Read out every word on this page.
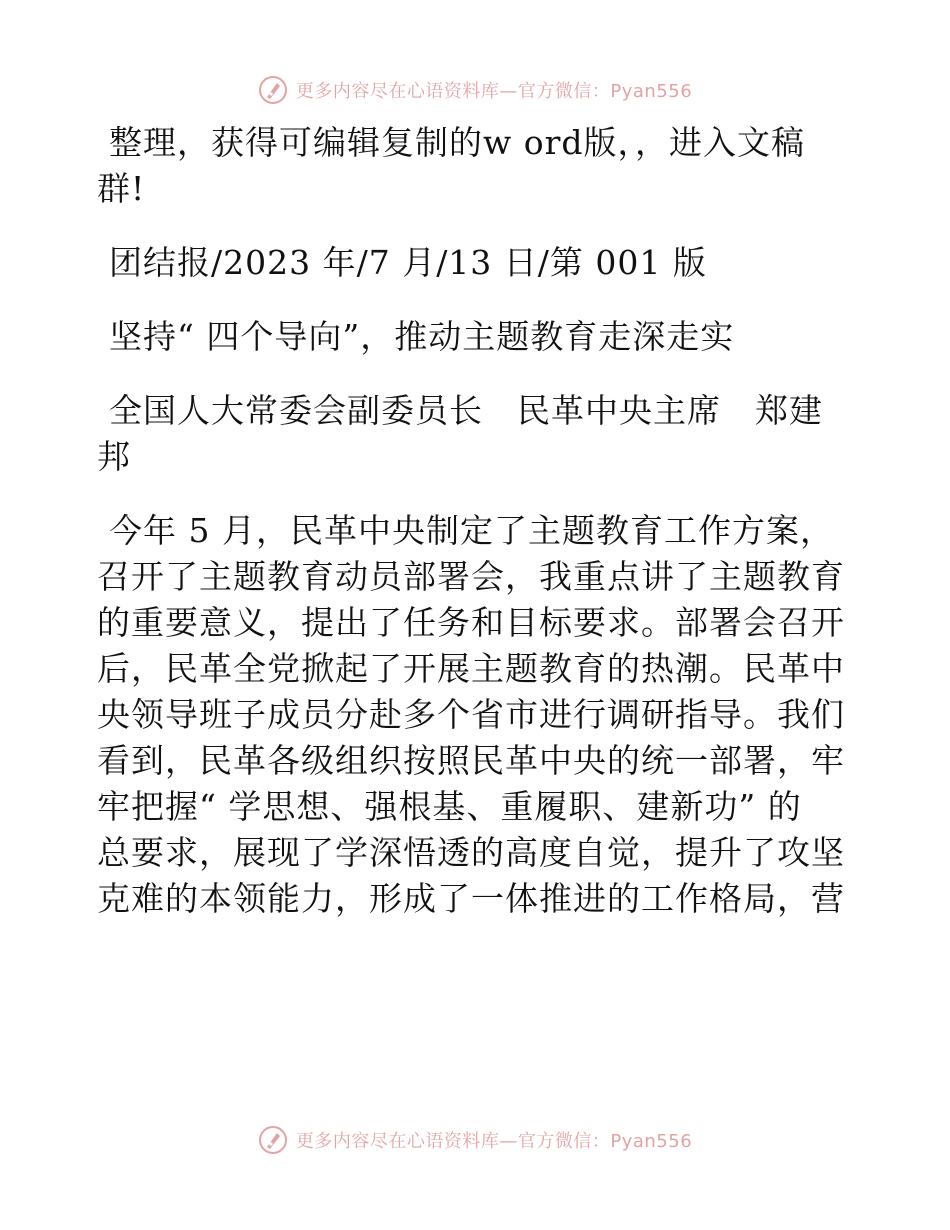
更多内容尽在心语资料库—官方微信：Pyan556

整理，获得可编辑复制的w ord版，，进入文稿
群!

团结报/2023 年/7 月/13 日/第 001 版

坚持“ 四个导向”，推动主题教育走深走实

全国人大常委会副委员长　民革中央主席　郑建
邦

今年 5 月，民革中央制定了主题教育工作方案，
召开了主题教育动员部署会，我重点讲了主题教育
的重要意义，提出了任务和目标要求。部署会召开
后，民革全党掀起了开展主题教育的热潮。民革中
央领导班子成员分赴多个省市进行调研指导。我们
看到，民革各级组织按照民革中央的统一部署，牢
牢把握“ 学思想、强根基、重履职、建新功” 的
总要求，展现了学深悟透的高度自觉，提升了攻坚
克难的本领能力，形成了一体推进的工作格局，营

更多内容尽在心语资料库—官方微信：Pyan556
